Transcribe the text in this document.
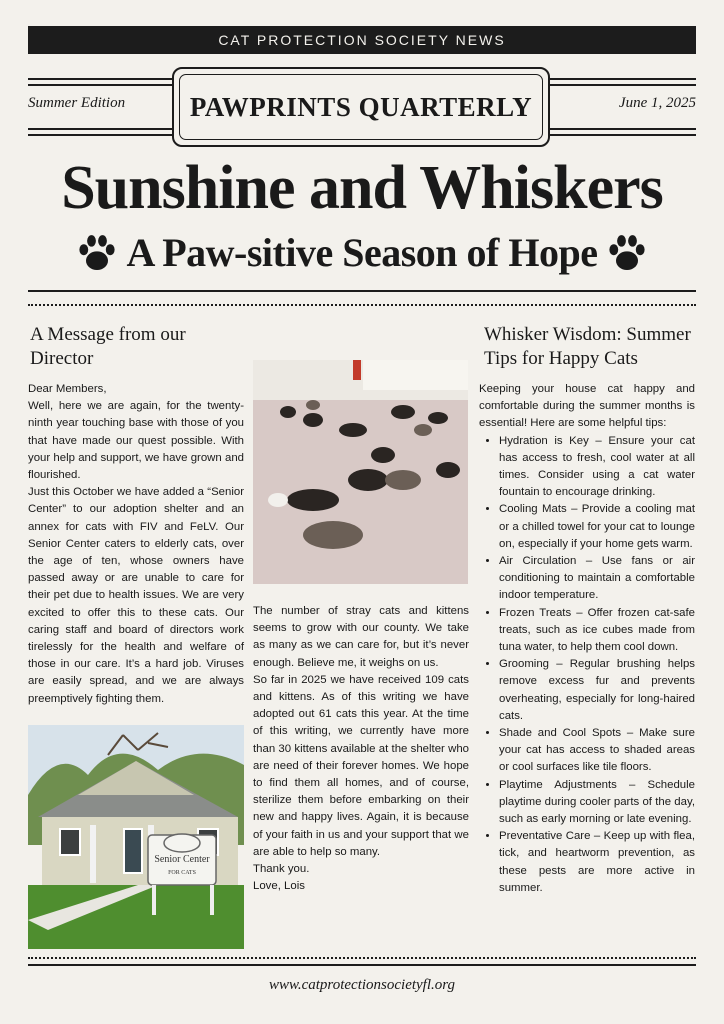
CAT PROTECTION SOCIETY NEWS
Summer Edition	June 1, 2025
PAWPRINTS QUARTERLY
Sunshine and Whiskers
A Paw-sitive Season of Hope
A Message from our Director

Dear Members,

Well, here we are again, for the twenty-ninth year touching base with those of you that have made our quest possible. With your help and support, we have grown and flourished.

Just this October we have added a “Senior Center” to our adoption shelter and an annex for cats with FIV and FeLV. Our Senior Center caters to elderly cats, over the age of ten, whose owners have passed away or are unable to care for their pet due to health issues. We are very excited to offer this to these cats. Our caring staff and board of directors work tirelessly for the health and welfare of those in our care. It’s a hard job. Viruses are easily spread, and we are always preemptively fighting them.

Senior Center
FOR CATS

The number of stray cats and kittens seems to grow with our county. We take as many as we can care for, but it’s never enough. Believe me, it weighs on us.

So far in 2025 we have received 109 cats and kittens. As of this writing we have adopted out 61 cats this year. At the time of this writing, we currently have more than 30 kittens available at the shelter who are need of their forever homes. We hope to find them all homes, and of course, sterilize them before embarking on their new and happy lives. Again, it is because of your faith in us and your support that we are able to help so many.

Thank you.

Love, Lois

Whisker Wisdom: Summer Tips for Happy Cats

Keeping your house cat happy and comfortable during the summer months is essential! Here are some helpful tips:

• Hydration is Key – Ensure your cat has access to fresh, cool water at all times. Consider using a cat water fountain to encourage drinking.
• Cooling Mats – Provide a cooling mat or a chilled towel for your cat to lounge on, especially if your home gets warm.
• Air Circulation – Use fans or air conditioning to maintain a comfortable indoor temperature.
• Frozen Treats – Offer frozen cat-safe treats, such as ice cubes made from tuna water, to help them cool down.
• Grooming – Regular brushing helps remove excess fur and prevents overheating, especially for long-haired cats.
• Shade and Cool Spots – Make sure your cat has access to shaded areas or cool surfaces like tile floors.
• Playtime Adjustments – Schedule playtime during cooler parts of the day, such as early morning or late evening.
• Preventative Care – Keep up with flea, tick, and heartworm prevention, as these pests are more active in summer.
www.catprotectionsocietyfl.org
